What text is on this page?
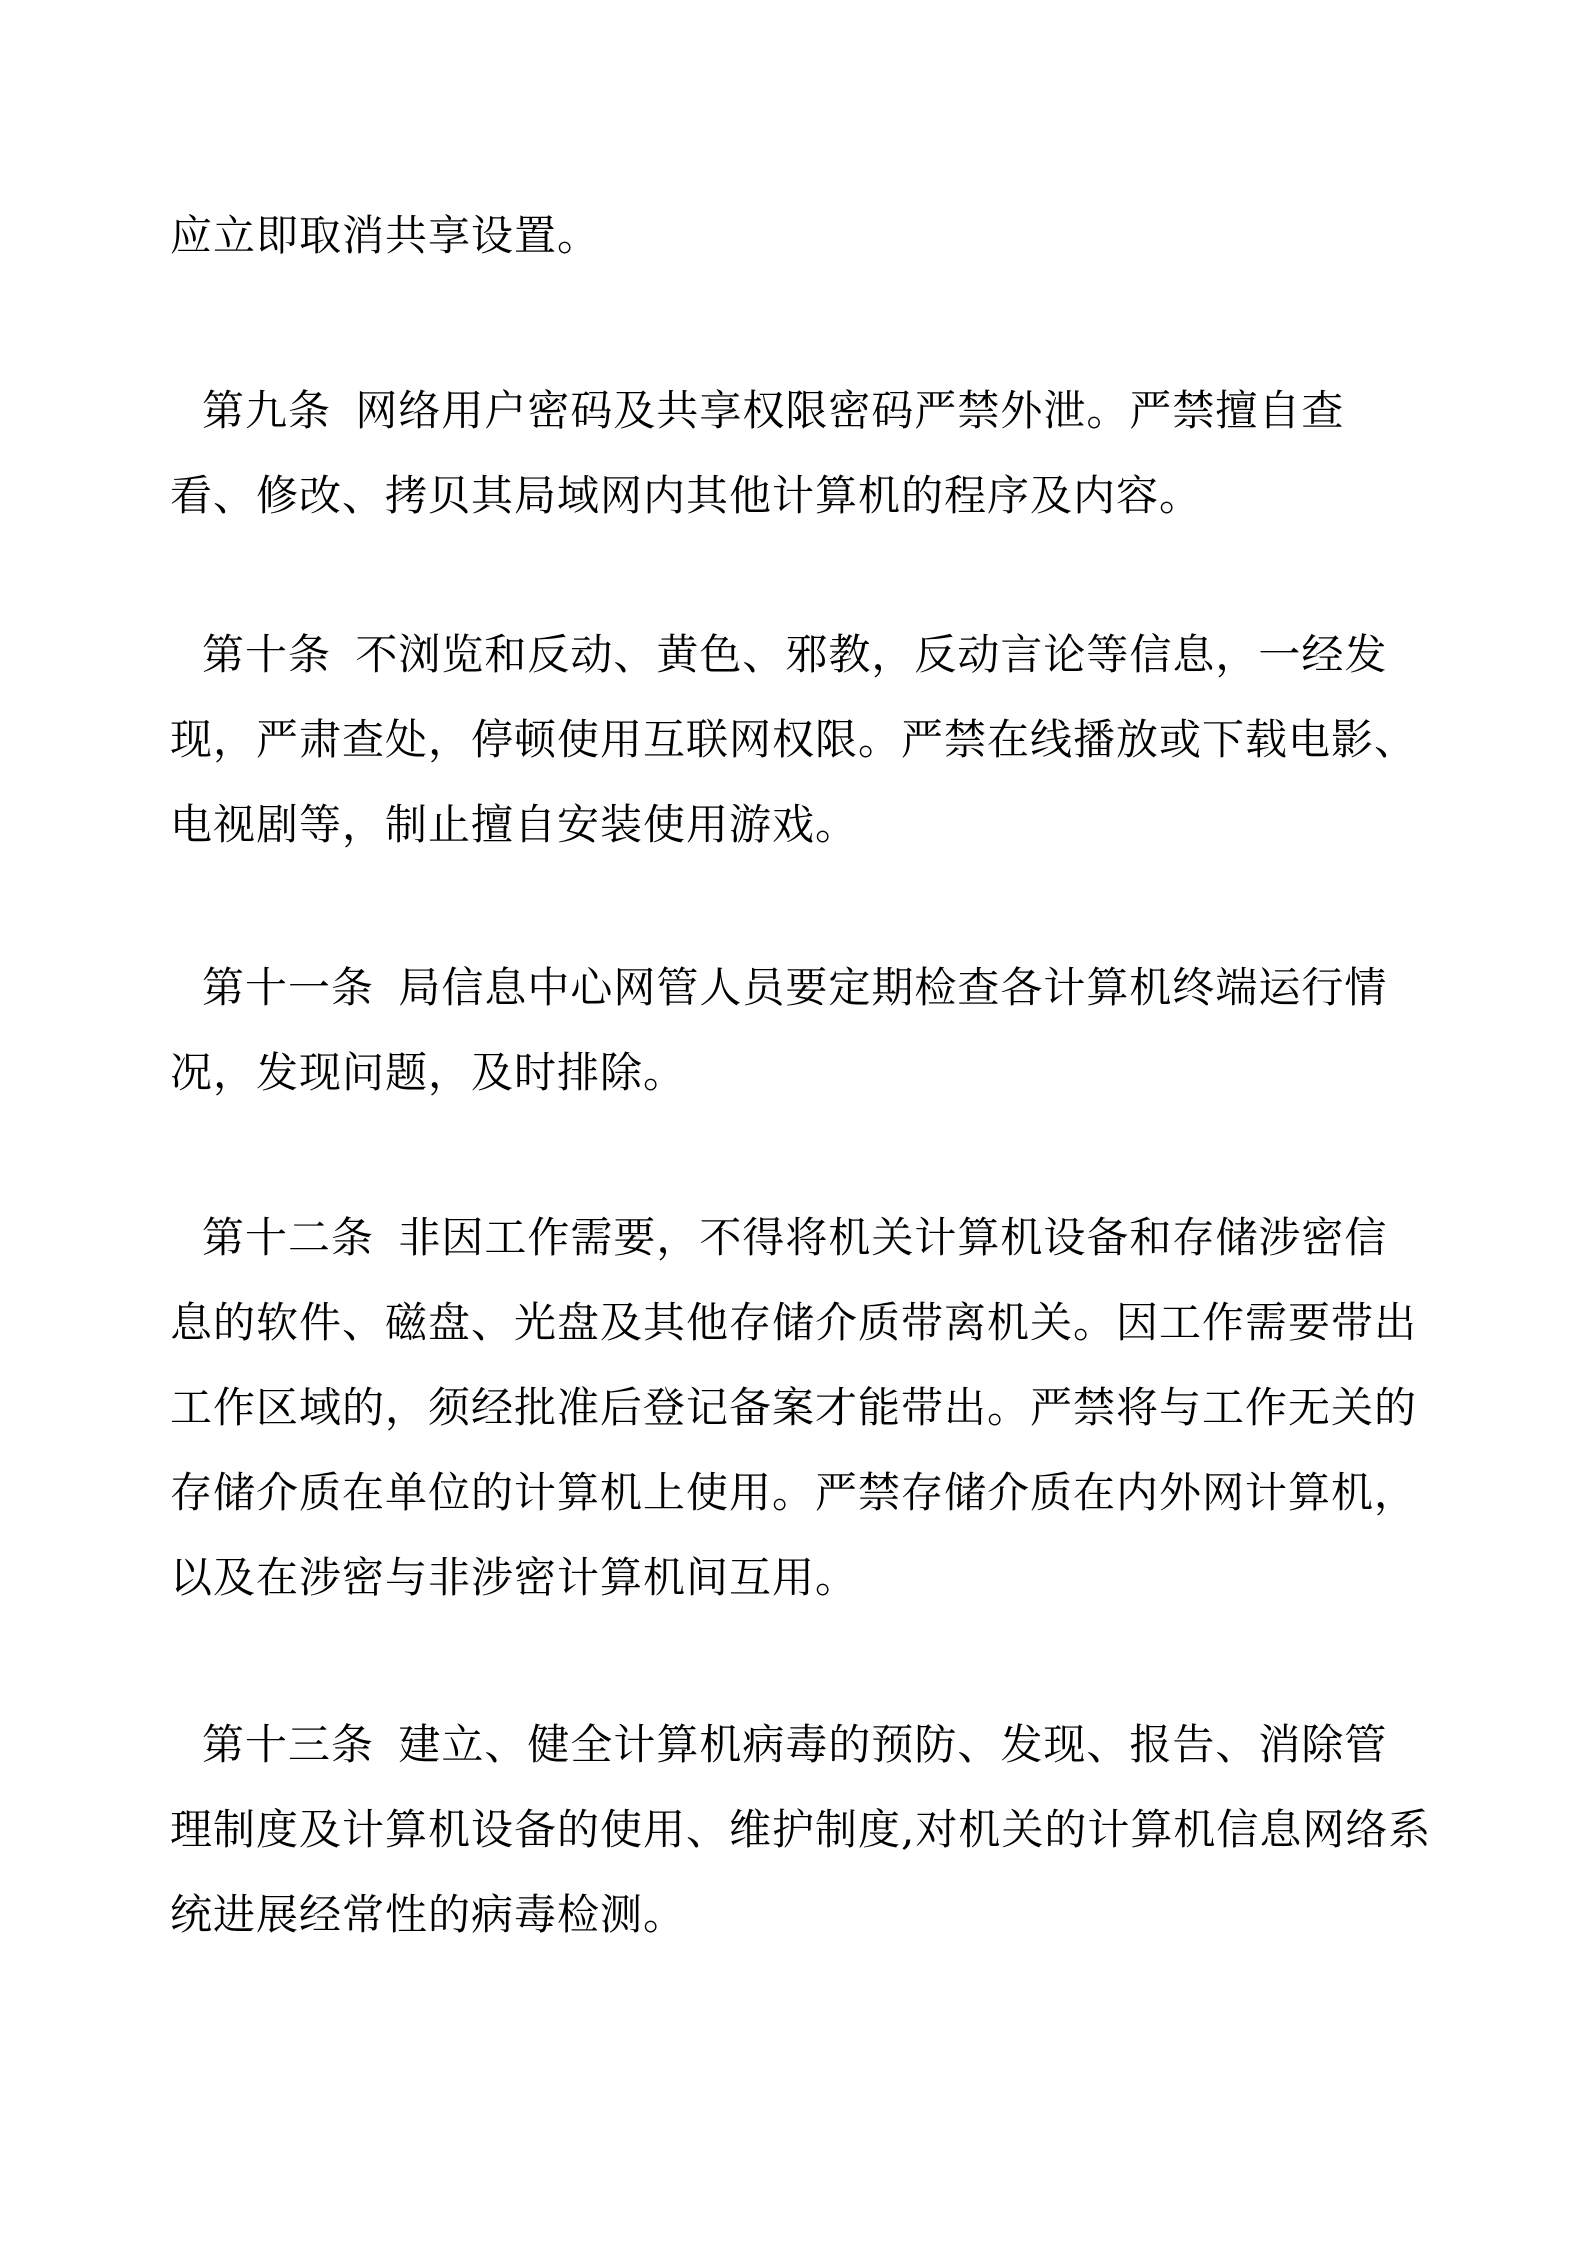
应立即取消共享设置。
第九条 网络用户密码及共享权限密码严禁外泄。严禁擅自查
看、修改、拷贝其局域网内其他计算机的程序及内容。
第十条 不浏览和反动、黄色、邪教，反动言论等信息，一经发
现，严肃查处，停顿使用互联网权限。严禁在线播放或下载电影、
电视剧等，制止擅自安装使用游戏。
第十一条 局信息中心网管人员要定期检查各计算机终端运行情
况，发现问题，及时排除。
第十二条 非因工作需要，不得将机关计算机设备和存储涉密信
息的软件、磁盘、光盘及其他存储介质带离机关。因工作需要带出
工作区域的，须经批准后登记备案才能带出。严禁将与工作无关的
存储介质在单位的计算机上使用。严禁存储介质在内外网计算机，
以及在涉密与非涉密计算机间互用。
第十三条 建立、健全计算机病毒的预防、发现、报告、消除管
理制度及计算机设备的使用、维护制度,对机关的计算机信息网络系
统进展经常性的病毒检测。
